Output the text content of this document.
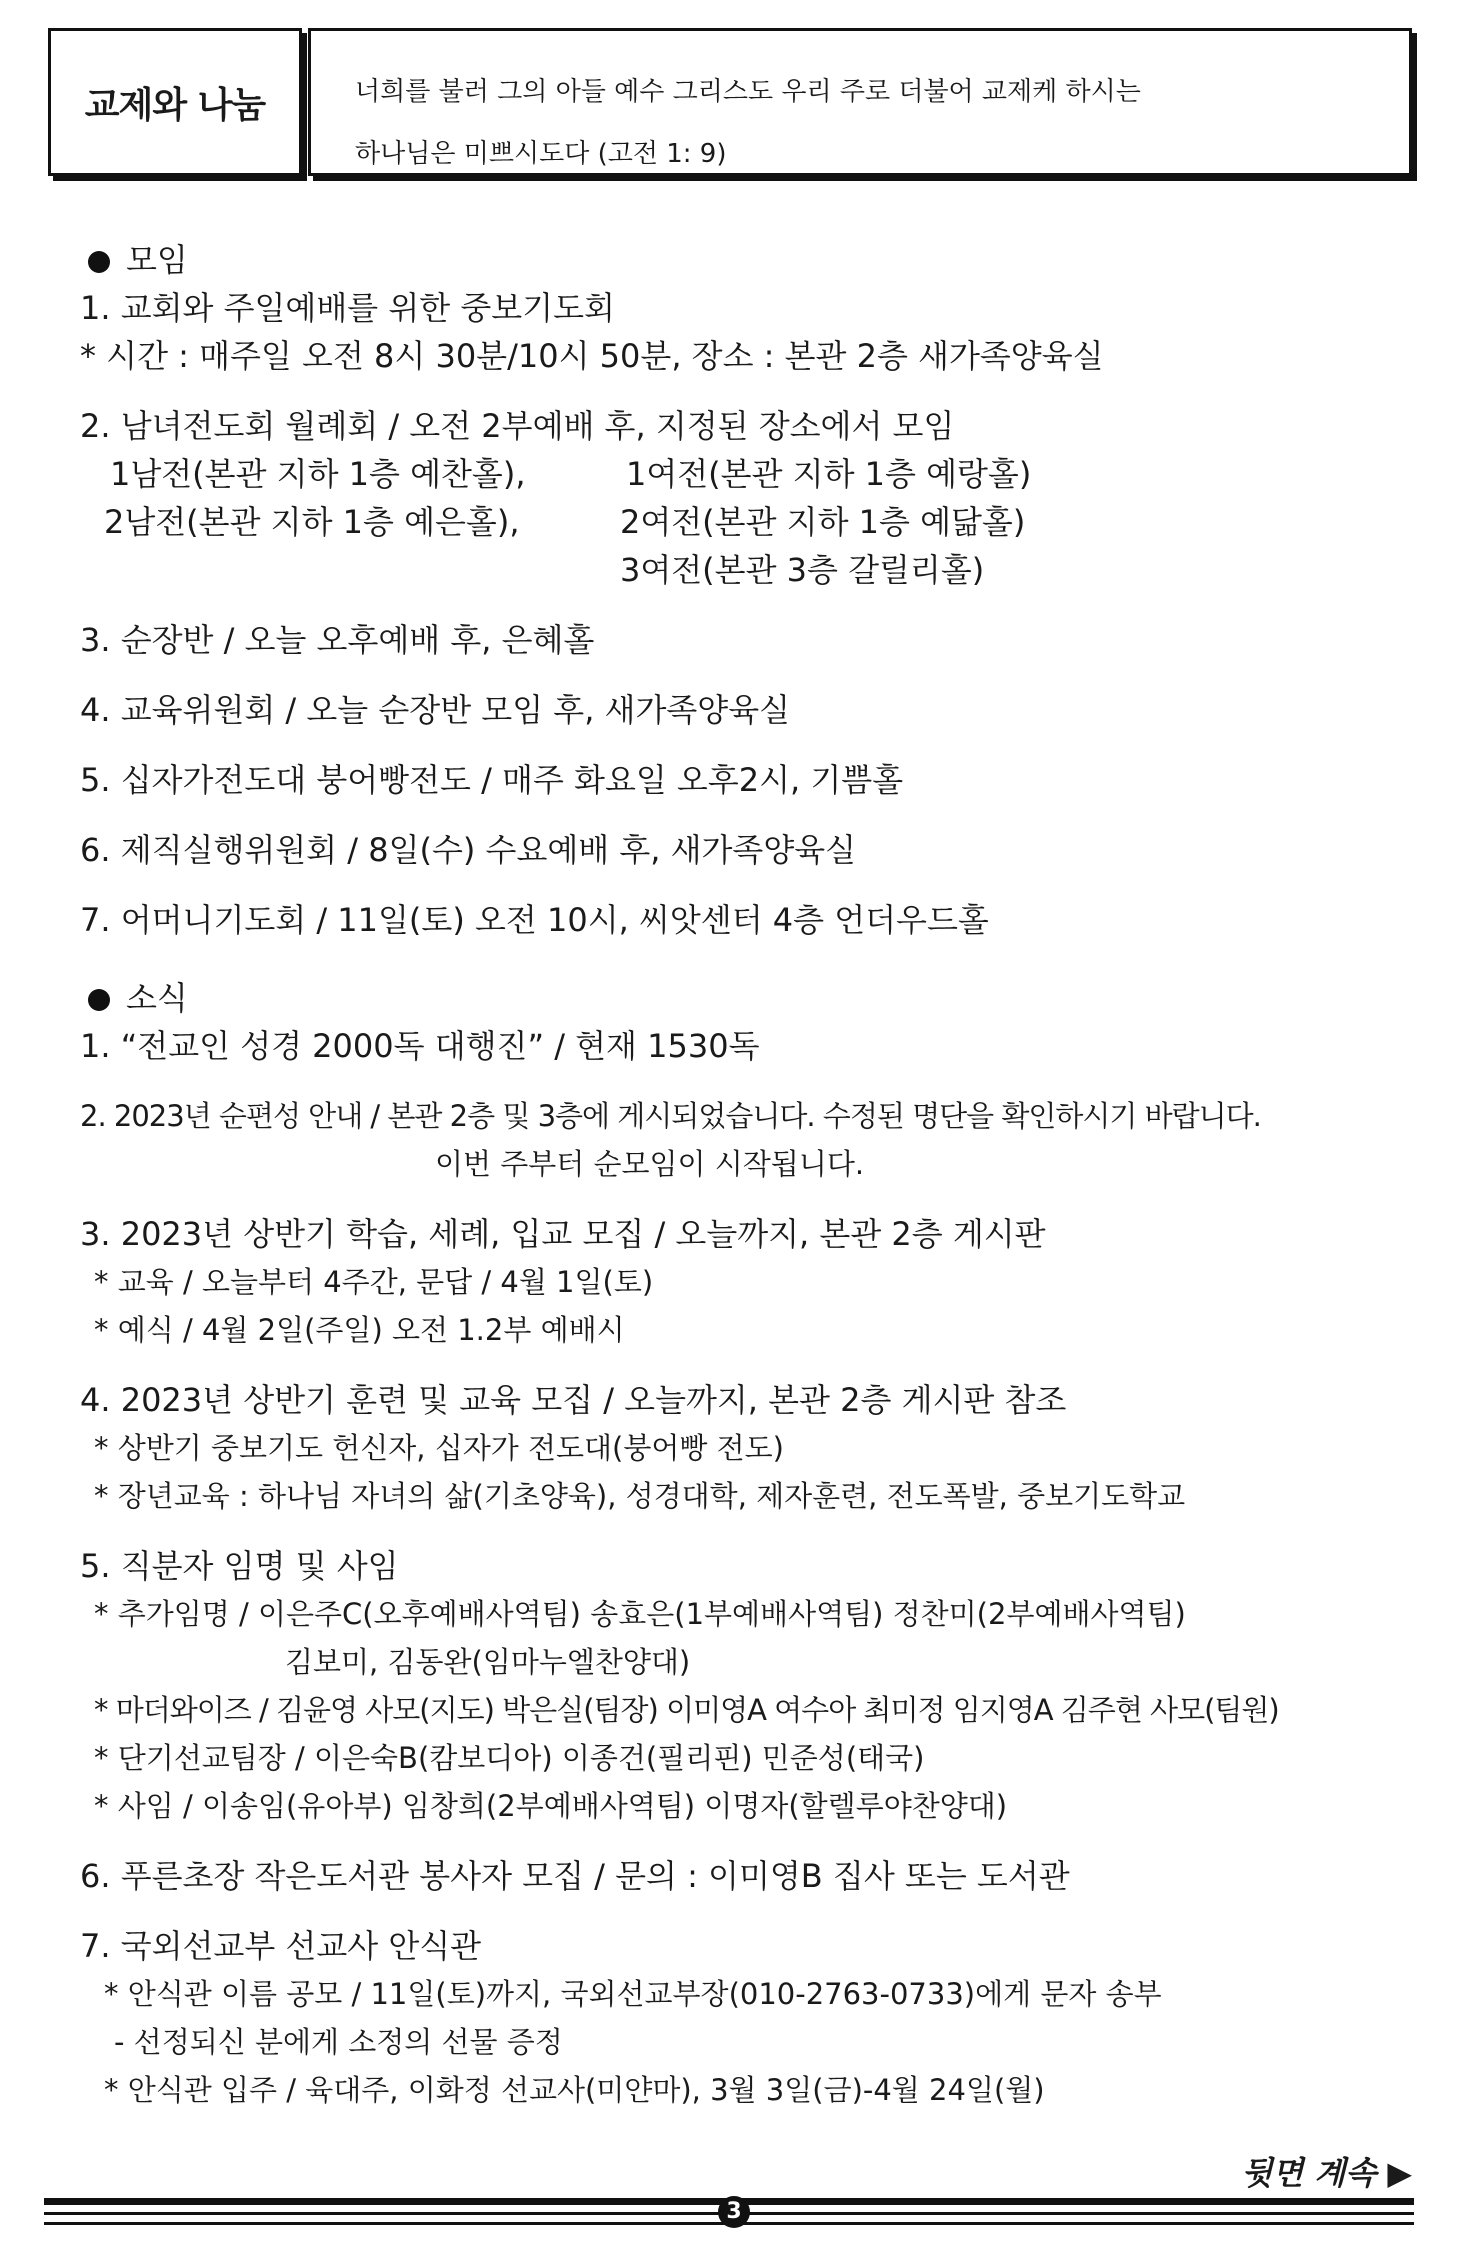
교제와 나눔	너희를 불러 그의 아들 예수 그리스도 우리 주로 더불어 교제케 하시는
하나님은 미쁘시도다 (고전 1: 9)
모임
1. 교회와 주일예배를 위한 중보기도회
* 시간 : 매주일 오전 8시 30분/10시 50분, 장소 : 본관 2층 새가족양육실
2. 남녀전도회 월례회 / 오전 2부예배 후, 지정된 장소에서 모임
1남전(본관 지하 1층 예찬홀),	1여전(본관 지하 1층 예랑홀)
2남전(본관 지하 1층 예은홀),	2여전(본관 지하 1층 예닮홀)
3여전(본관 3층 갈릴리홀)
3. 순장반 / 오늘 오후예배 후, 은혜홀
4. 교육위원회 / 오늘 순장반 모임 후, 새가족양육실
5. 십자가전도대 붕어빵전도 / 매주 화요일 오후2시, 기쁨홀
6. 제직실행위원회 / 8일(수) 수요예배 후, 새가족양육실
7. 어머니기도회 / 11일(토) 오전 10시, 씨앗센터 4층 언더우드홀
소식
1. “전교인 성경 2000독 대행진” / 현재 1530독
2. 2023년 순편성 안내 / 본관 2층 및 3층에 게시되었습니다. 수정된 명단을 확인하시기 바랍니다.
이번 주부터 순모임이 시작됩니다.
3. 2023년 상반기 학습, 세례, 입교 모집 / 오늘까지, 본관 2층 게시판
* 교육 / 오늘부터 4주간, 문답 / 4월 1일(토)
* 예식 / 4월 2일(주일) 오전 1.2부 예배시
4. 2023년 상반기 훈련 및 교육 모집 / 오늘까지, 본관 2층 게시판 참조
* 상반기 중보기도 헌신자, 십자가 전도대(붕어빵 전도)
* 장년교육 : 하나님 자녀의 삶(기초양육), 성경대학, 제자훈련, 전도폭발, 중보기도학교
5. 직분자 임명 및 사임
* 추가임명 / 이은주C(오후예배사역팀) 송효은(1부예배사역팀) 정찬미(2부예배사역팀)
김보미, 김동완(임마누엘찬양대)
* 마더와이즈 / 김윤영 사모(지도) 박은실(팀장) 이미영A 여수아 최미정 임지영A 김주현 사모(팀원)
* 단기선교팀장 / 이은숙B(캄보디아) 이종건(필리핀) 민준성(태국)
* 사임 / 이송임(유아부) 임창희(2부예배사역팀) 이명자(할렐루야찬양대)
6. 푸른초장 작은도서관 봉사자 모집 / 문의 : 이미영B 집사 또는 도서관
7. 국외선교부 선교사 안식관
* 안식관 이름 공모 / 11일(토)까지, 국외선교부장(010-2763-0733)에게 문자 송부
- 선정되신 분에게 소정의 선물 증정
* 안식관 입주 / 육대주, 이화정 선교사(미얀마), 3월 3일(금)-4월 24일(월)
뒷면 계속 ▶
3
